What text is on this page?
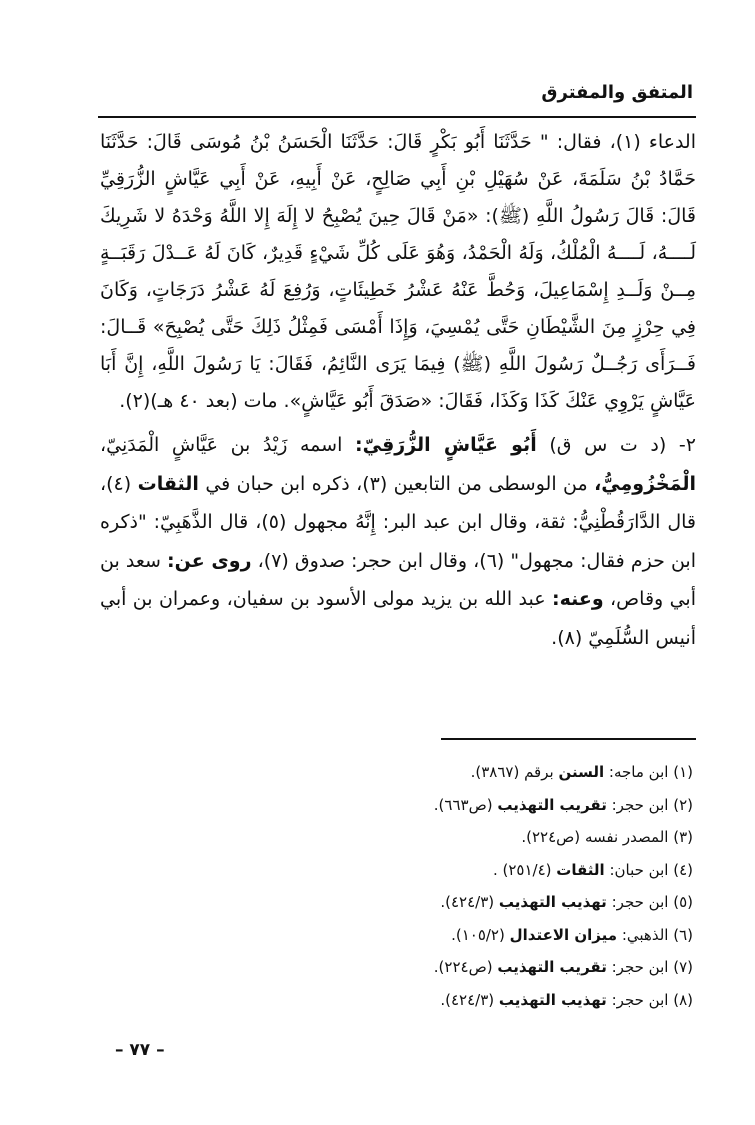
المتفق والمفترق

الدعاء (١)، فقال: " حَدَّثَنَا أَبُو بَكْرٍ قَالَ: حَدَّثَنَا الْحَسَنُ بْنُ مُوسَى قَالَ: حَدَّثَنَا حَمَّادُ بْنُ سَلَمَةَ، عَنْ سُهَيْلِ بْنِ أَبِي صَالِحٍ، عَنْ أَبِيهِ، عَنْ أَبِي عَيَّاشٍ الزُّرَقِيِّ قَالَ: قَالَ رَسُولُ اللَّهِ (ﷺ): «مَنْ قَالَ حِينَ يُصْبِحُ لا إِلَهَ إِلا اللَّهُ وَحْدَهُ لا شَرِيكَ لَــــهُ، لَــــهُ الْمُلْكُ، وَلَهُ الْحَمْدُ، وَهُوَ عَلَى كُلِّ شَيْءٍ قَدِيرٌ، كَانَ لَهُ عَــدْلَ رَقَبَــةٍ مِــنْ وَلَــدِ إِسْمَاعِيلَ، وَحُطَّ عَنْهُ عَشْرُ خَطِيئَاتٍ، وَرُفِعَ لَهُ عَشْرُ دَرَجَاتٍ، وَكَانَ فِي حِرْزٍ مِنَ الشَّيْطَانِ حَتَّى يُمْسِيَ، وَإِذَا أَمْسَى فَمِثْلُ ذَلِكَ حَتَّى يُصْبِحَ» قَــالَ: فَــرَأَى رَجُــلٌ رَسُولَ اللَّهِ (ﷺ) فِيمَا يَرَى النَّائِمُ، فَقَالَ: يَا رَسُولَ اللَّهِ، إِنَّ أَبَا عَيَّاشٍ يَرْوِي عَنْكَ كَذَا وَكَذَا، فَقَالَ: «صَدَقَ أَبُو عَيَّاشٍ». مات (بعد ٤٠ هـ)(٢).

٢- (د ت س ق) أَبُو عَيَّاشٍ الزُّرَقِيّ: اسمه زَيْدُ بن عَيَّاشٍ الْمَدَنِيّ، الْمَخْزُومِيُّ، من الوسطى من التابعين (٣)، ذكره ابن حبان في الثقات (٤)، قال الدَّارَقُطْنِيُّ: ثقة، وقال ابن عبد البر: إِنَّهُ مجهول (٥)، قال الذَّهَبِيّ: "ذكره ابن حزم فقال: مجهول" (٦)، وقال ابن حجر: صدوق (٧)، روى عن: سعد بن أبي وقاص، وعنه: عبد الله بن يزيد مولى الأسود بن سفيان، وعمران بن أبي أنيس السُّلَمِيّ (٨).

(١) ابن ماجه: السنن برقم (٣٨٦٧).
(٢) ابن حجر: تقريب التهذيب (ص٦٦٣).
(٣) المصدر نفسه (ص٢٢٤).
(٤) ابن حبان: الثقات (٢٥١/٤) .
(٥) ابن حجر: تهذيب التهذيب (٤٢٤/٣).
(٦) الذهبي: ميزان الاعتدال (١٠٥/٢).
(٧) ابن حجر: تقريب التهذيب (ص٢٢٤).
(٨) ابن حجر: تهذيب التهذيب (٤٢٤/٣).
– ٧٧ –
